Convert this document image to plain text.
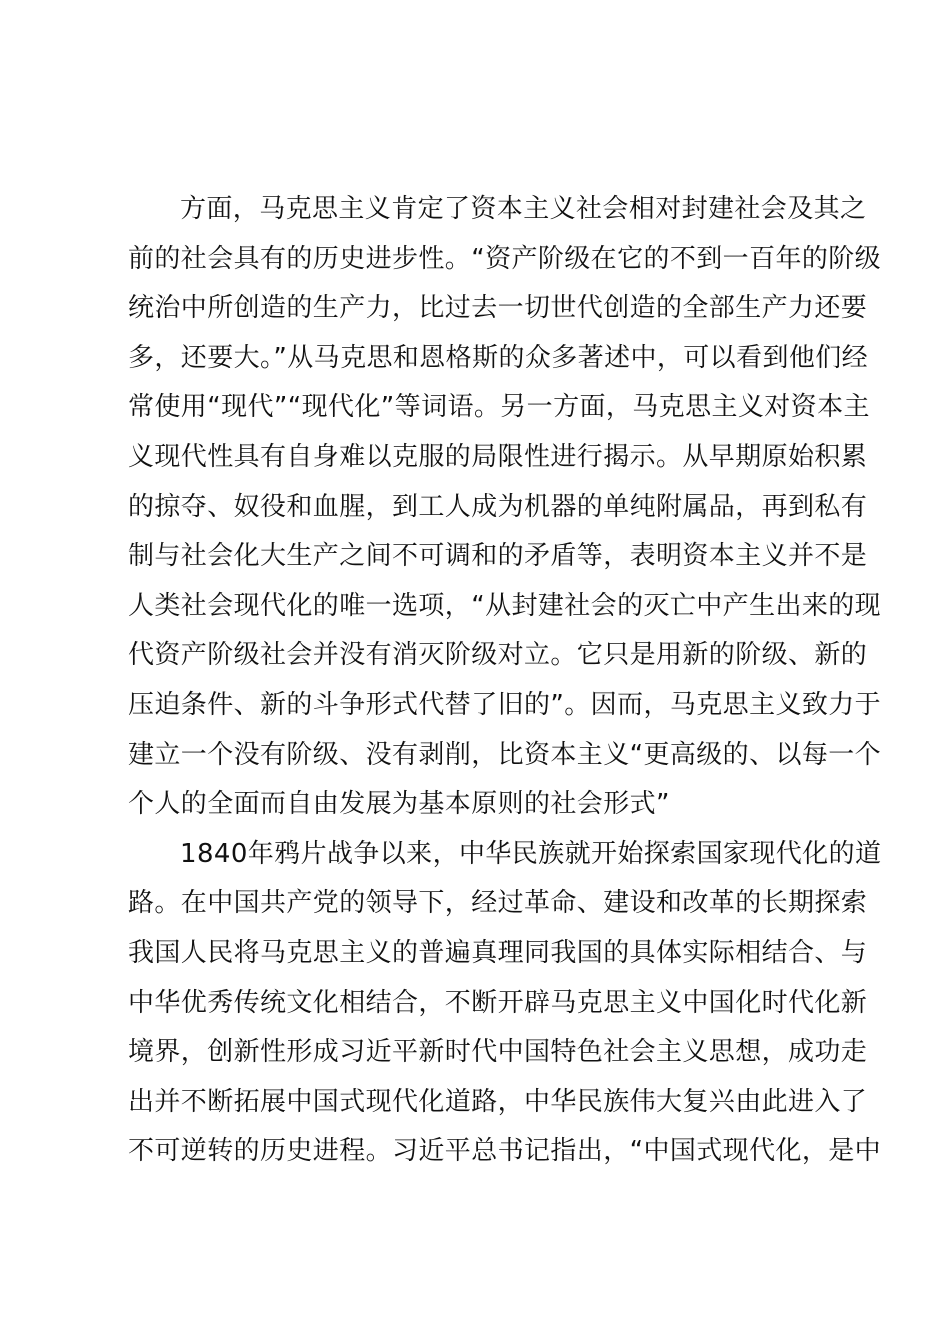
方面，马克思主义肯定了资本主义社会相对封建社会及其之
前的社会具有的历史进步性。“资产阶级在它的不到一百年的阶级
统治中所创造的生产力，比过去一切世代创造的全部生产力还要
多，还要大。”从马克思和恩格斯的众多著述中，可以看到他们经
常使用“现代”“现代化”等词语。另一方面，马克思主义对资本主
义现代性具有自身难以克服的局限性进行揭示。从早期原始积累
的掠夺、奴役和血腥，到工人成为机器的单纯附属品，再到私有
制与社会化大生产之间不可调和的矛盾等，表明资本主义并不是
人类社会现代化的唯一选项，“从封建社会的灭亡中产生出来的现
代资产阶级社会并没有消灭阶级对立。它只是用新的阶级、新的
压迫条件、新的斗争形式代替了旧的”。因而，马克思主义致力于
建立一个没有阶级、没有剥削，比资本主义“更高级的、以每一个
个人的全面而自由发展为基本原则的社会形式”
1840年鸦片战争以来，中华民族就开始探索国家现代化的道
路。在中国共产党的领导下，经过革命、建设和改革的长期探索
我国人民将马克思主义的普遍真理同我国的具体实际相结合、与
中华优秀传统文化相结合，不断开辟马克思主义中国化时代化新
境界，创新性形成习近平新时代中国特色社会主义思想，成功走
出并不断拓展中国式现代化道路，中华民族伟大复兴由此进入了
不可逆转的历史进程。习近平总书记指出，“中国式现代化，是中
